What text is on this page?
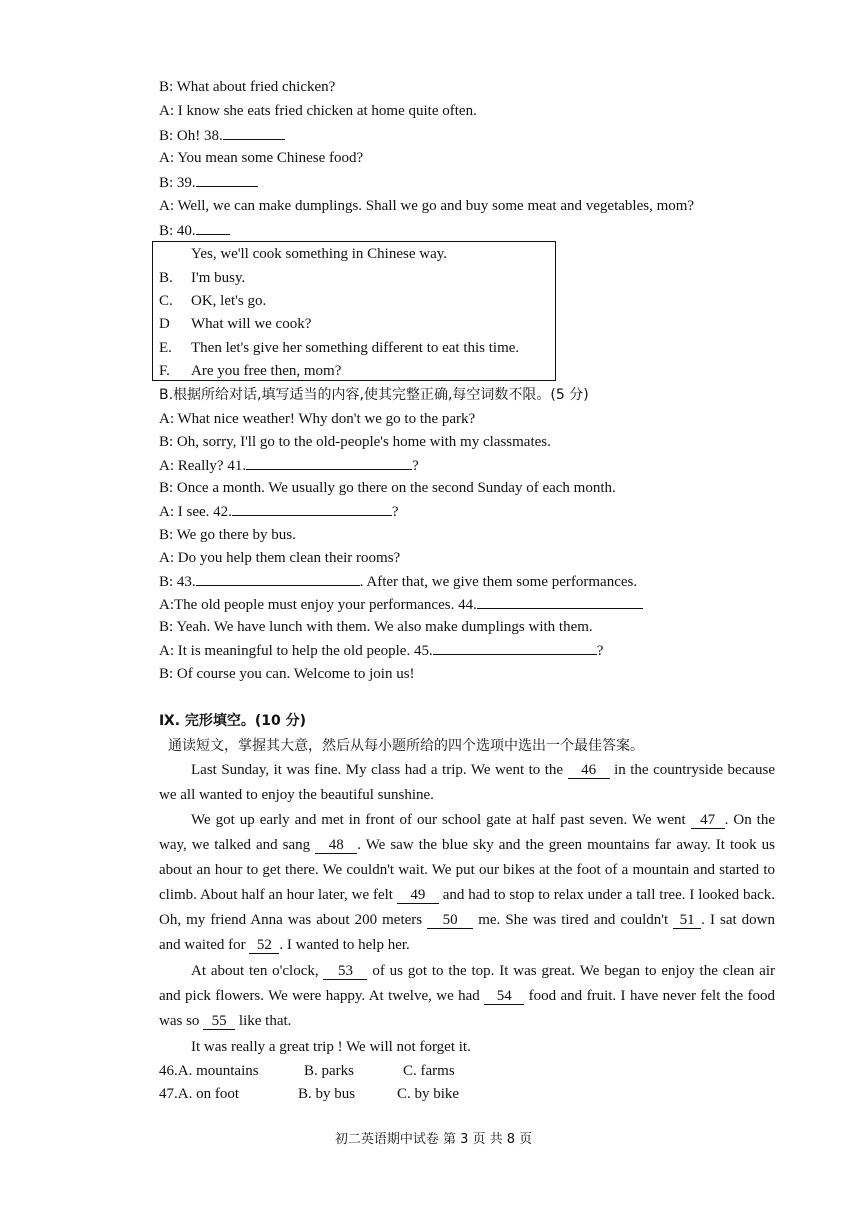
B: What about fried chicken?
A: I know she eats fried chicken at home quite often.
B: Oh! 38.
A: You mean some Chinese food?
B: 39.
A: Well, we can make dumplings. Shall we go and buy some meat and vegetables, mom?
B: 40.
Yes, we'll cook something in Chinese way.
B.	I'm busy.
C.	OK, let's go.
D	What will we cook?
E.	Then let's give her something different to eat this time.
F.	Are you free then, mom?
B.根据所给对话,填写适当的内容,使其完整正确,每空词数不限。(5 分)
A: What nice weather! Why don't we go to the park?
B: Oh, sorry, I'll go to the old-people's home with my classmates.
A: Really? 41.	?
B: Once a month. We usually go there on the second Sunday of each month.
A: I see. 42.	?
B: We go there by bus.
A: Do you help them clean their rooms?
B: 43.	. After that, we give them some performances.
A:The old people must enjoy your performances. 44.
B: Yeah. We have lunch with them. We also make dumplings with them.
A: It is meaningful to help the old people. 45.	?
B: Of course you can. Welcome to join us!
Ⅸ. 完形填空。(10 分)
通读短文，掌握其大意，然后从每小题所给的四个选项中选出一个最佳答案。
Last Sunday, it was fine. My class had a trip. We went to the 46 in the countryside because we all wanted to enjoy the beautiful sunshine.
We got up early and met in front of our school gate at half past seven. We went 47 . On the way, we talked and sang 48 . We saw the blue sky and the green mountains far away. It took us about an hour to get there. We couldn't wait. We put our bikes at the foot of a mountain and started to climb. About half an hour later, we felt 49 and had to stop to relax under a tall tree. I looked back. Oh, my friend Anna was about 200 meters 50 me. She was tired and couldn't 51 . I sat down and waited for 52 . I wanted to help her.
At about ten o'clock, 53 of us got to the top. It was great. We began to enjoy the clean air and pick flowers. We were happy. At twelve, we had 54 food and fruit. I have never felt the food was so 55 like that.
It was really a great trip ! We will not forget it.
46.A. mountains	B. parks	C. farms
47.A. on foot	B. by bus	C. by bike
初二英语期中试卷 第 3 页 共 8 页
